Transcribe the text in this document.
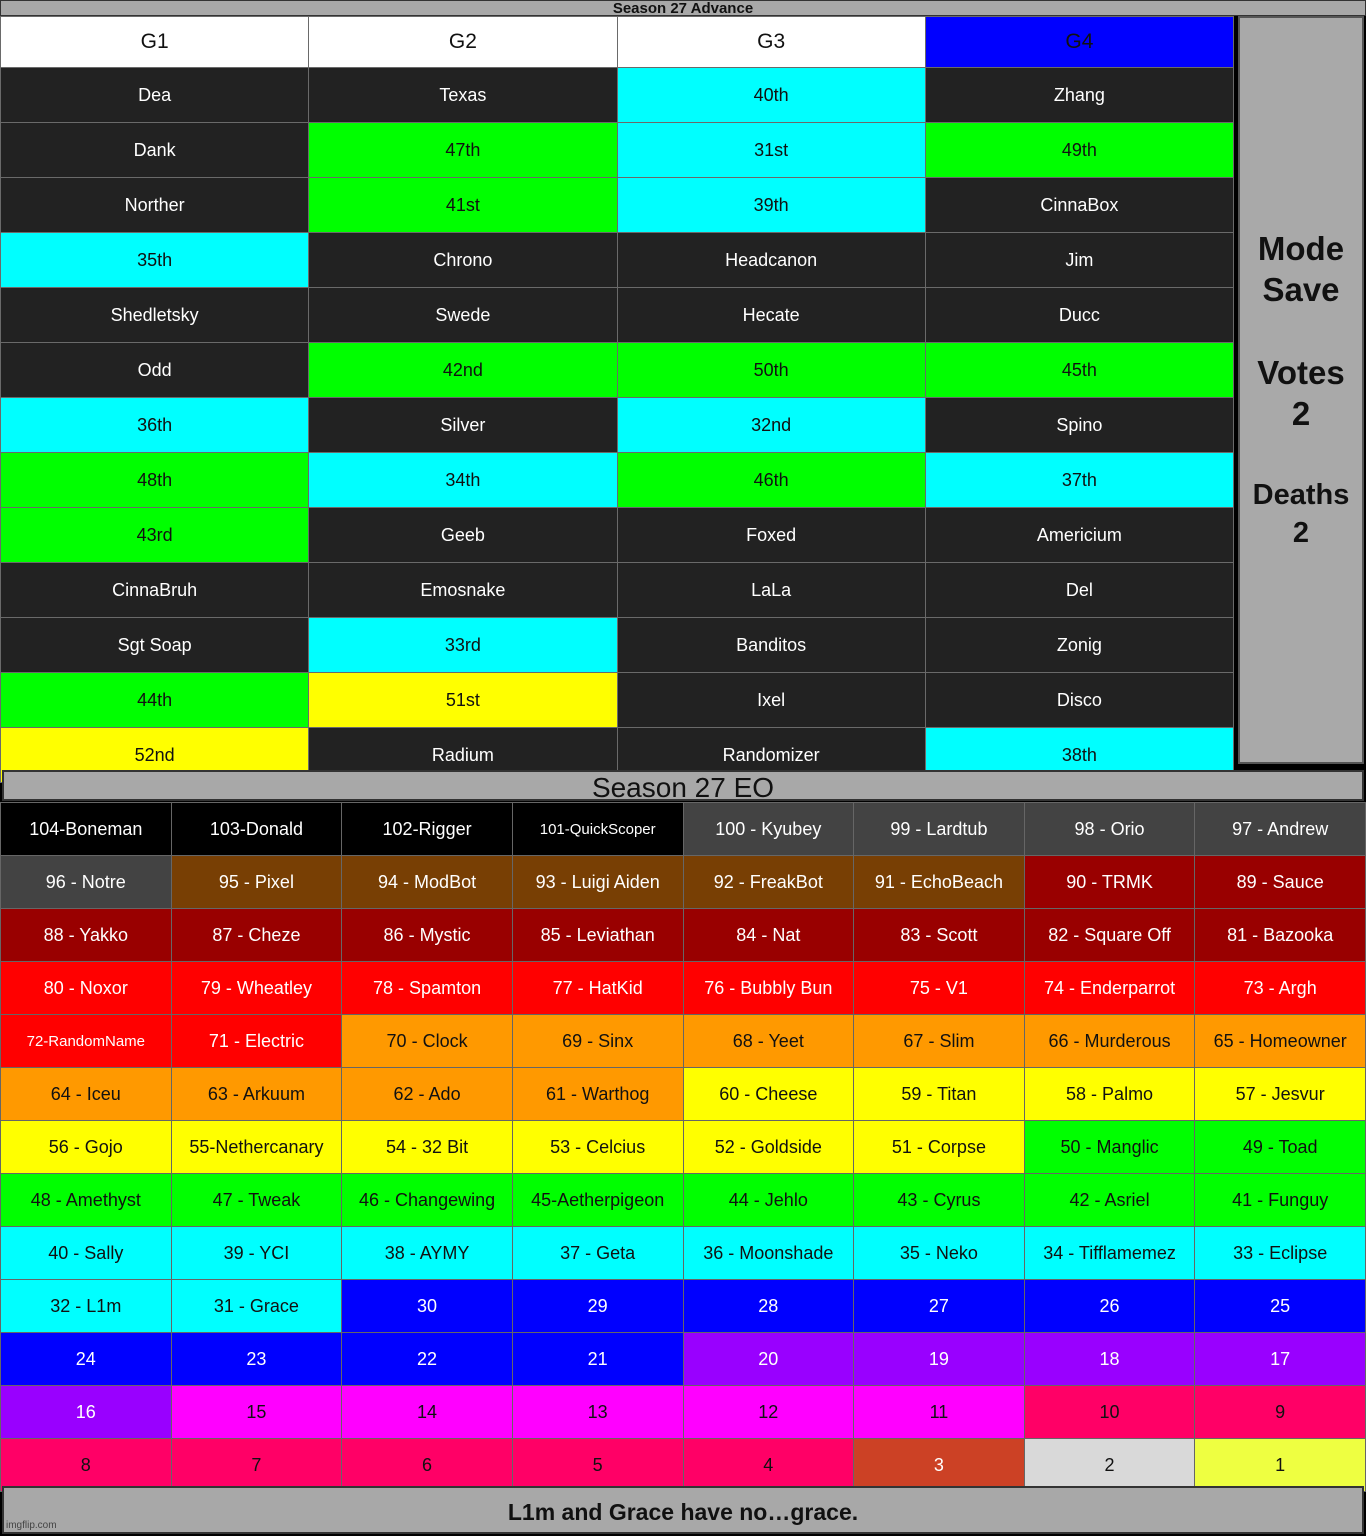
Season 27 Advance
G1	G2	G3	G4
Dea	Texas	40th	Zhang
Dank	47th	31st	49th
Norther	41st	39th	CinnaBox
35th	Chrono	Headcanon	Jim
Shedletsky	Swede	Hecate	Ducc
Odd	42nd	50th	45th
36th	Silver	32nd	Spino
48th	34th	46th	37th
43rd	Geeb	Foxed	Americium
CinnaBruh	Emosnake	LaLa	Del
Sgt Soap	33rd	Banditos	Zonig
44th	51st	Ixel	Disco
52nd	Radium	Randomizer	38th
Mode
Save
Votes
2
Deaths
2
Season 27 EO
104-Boneman	103-Donald	102-Rigger	101-QuickScoper	100 - Kyubey	99 - Lardtub	98 - Orio	97 - Andrew
96 - Notre	95 - Pixel	94 - ModBot	93 - Luigi Aiden	92 - FreakBot	91 - EchoBeach	90 - TRMK	89 - Sauce
88 - Yakko	87 - Cheze	86 - Mystic	85 - Leviathan	84 - Nat	83 - Scott	82 - Square Off	81 - Bazooka
80 - Noxor	79 - Wheatley	78 - Spamton	77 - HatKid	76 - Bubbly Bun	75 - V1	74 - Enderparrot	73 - Argh
72-RandomName	71 - Electric	70 - Clock	69 - Sinx	68 - Yeet	67 - Slim	66 - Murderous	65 - Homeowner
64 - Iceu	63 - Arkuum	62 - Ado	61 - Warthog	60 - Cheese	59 - Titan	58 - Palmo	57 - Jesvur
56 - Gojo	55-Nethercanary	54 - 32 Bit	53 - Celcius	52 - Goldside	51 - Corpse	50 - Manglic	49 - Toad
48 - Amethyst	47 - Tweak	46 - Changewing	45-Aetherpigeon	44 - Jehlo	43 - Cyrus	42 - Asriel	41 - Funguy
40 - Sally	39 - YCI	38 - AYMY	37 - Geta	36 - Moonshade	35 - Neko	34 - Tifflamemez	33 - Eclipse
32 - L1m	31 - Grace	30	29	28	27	26	25
24	23	22	21	20	19	18	17
16	15	14	13	12	11	10	9
8	7	6	5	4	3	2	1
L1m and Grace have no…grace.
imgflip.com
